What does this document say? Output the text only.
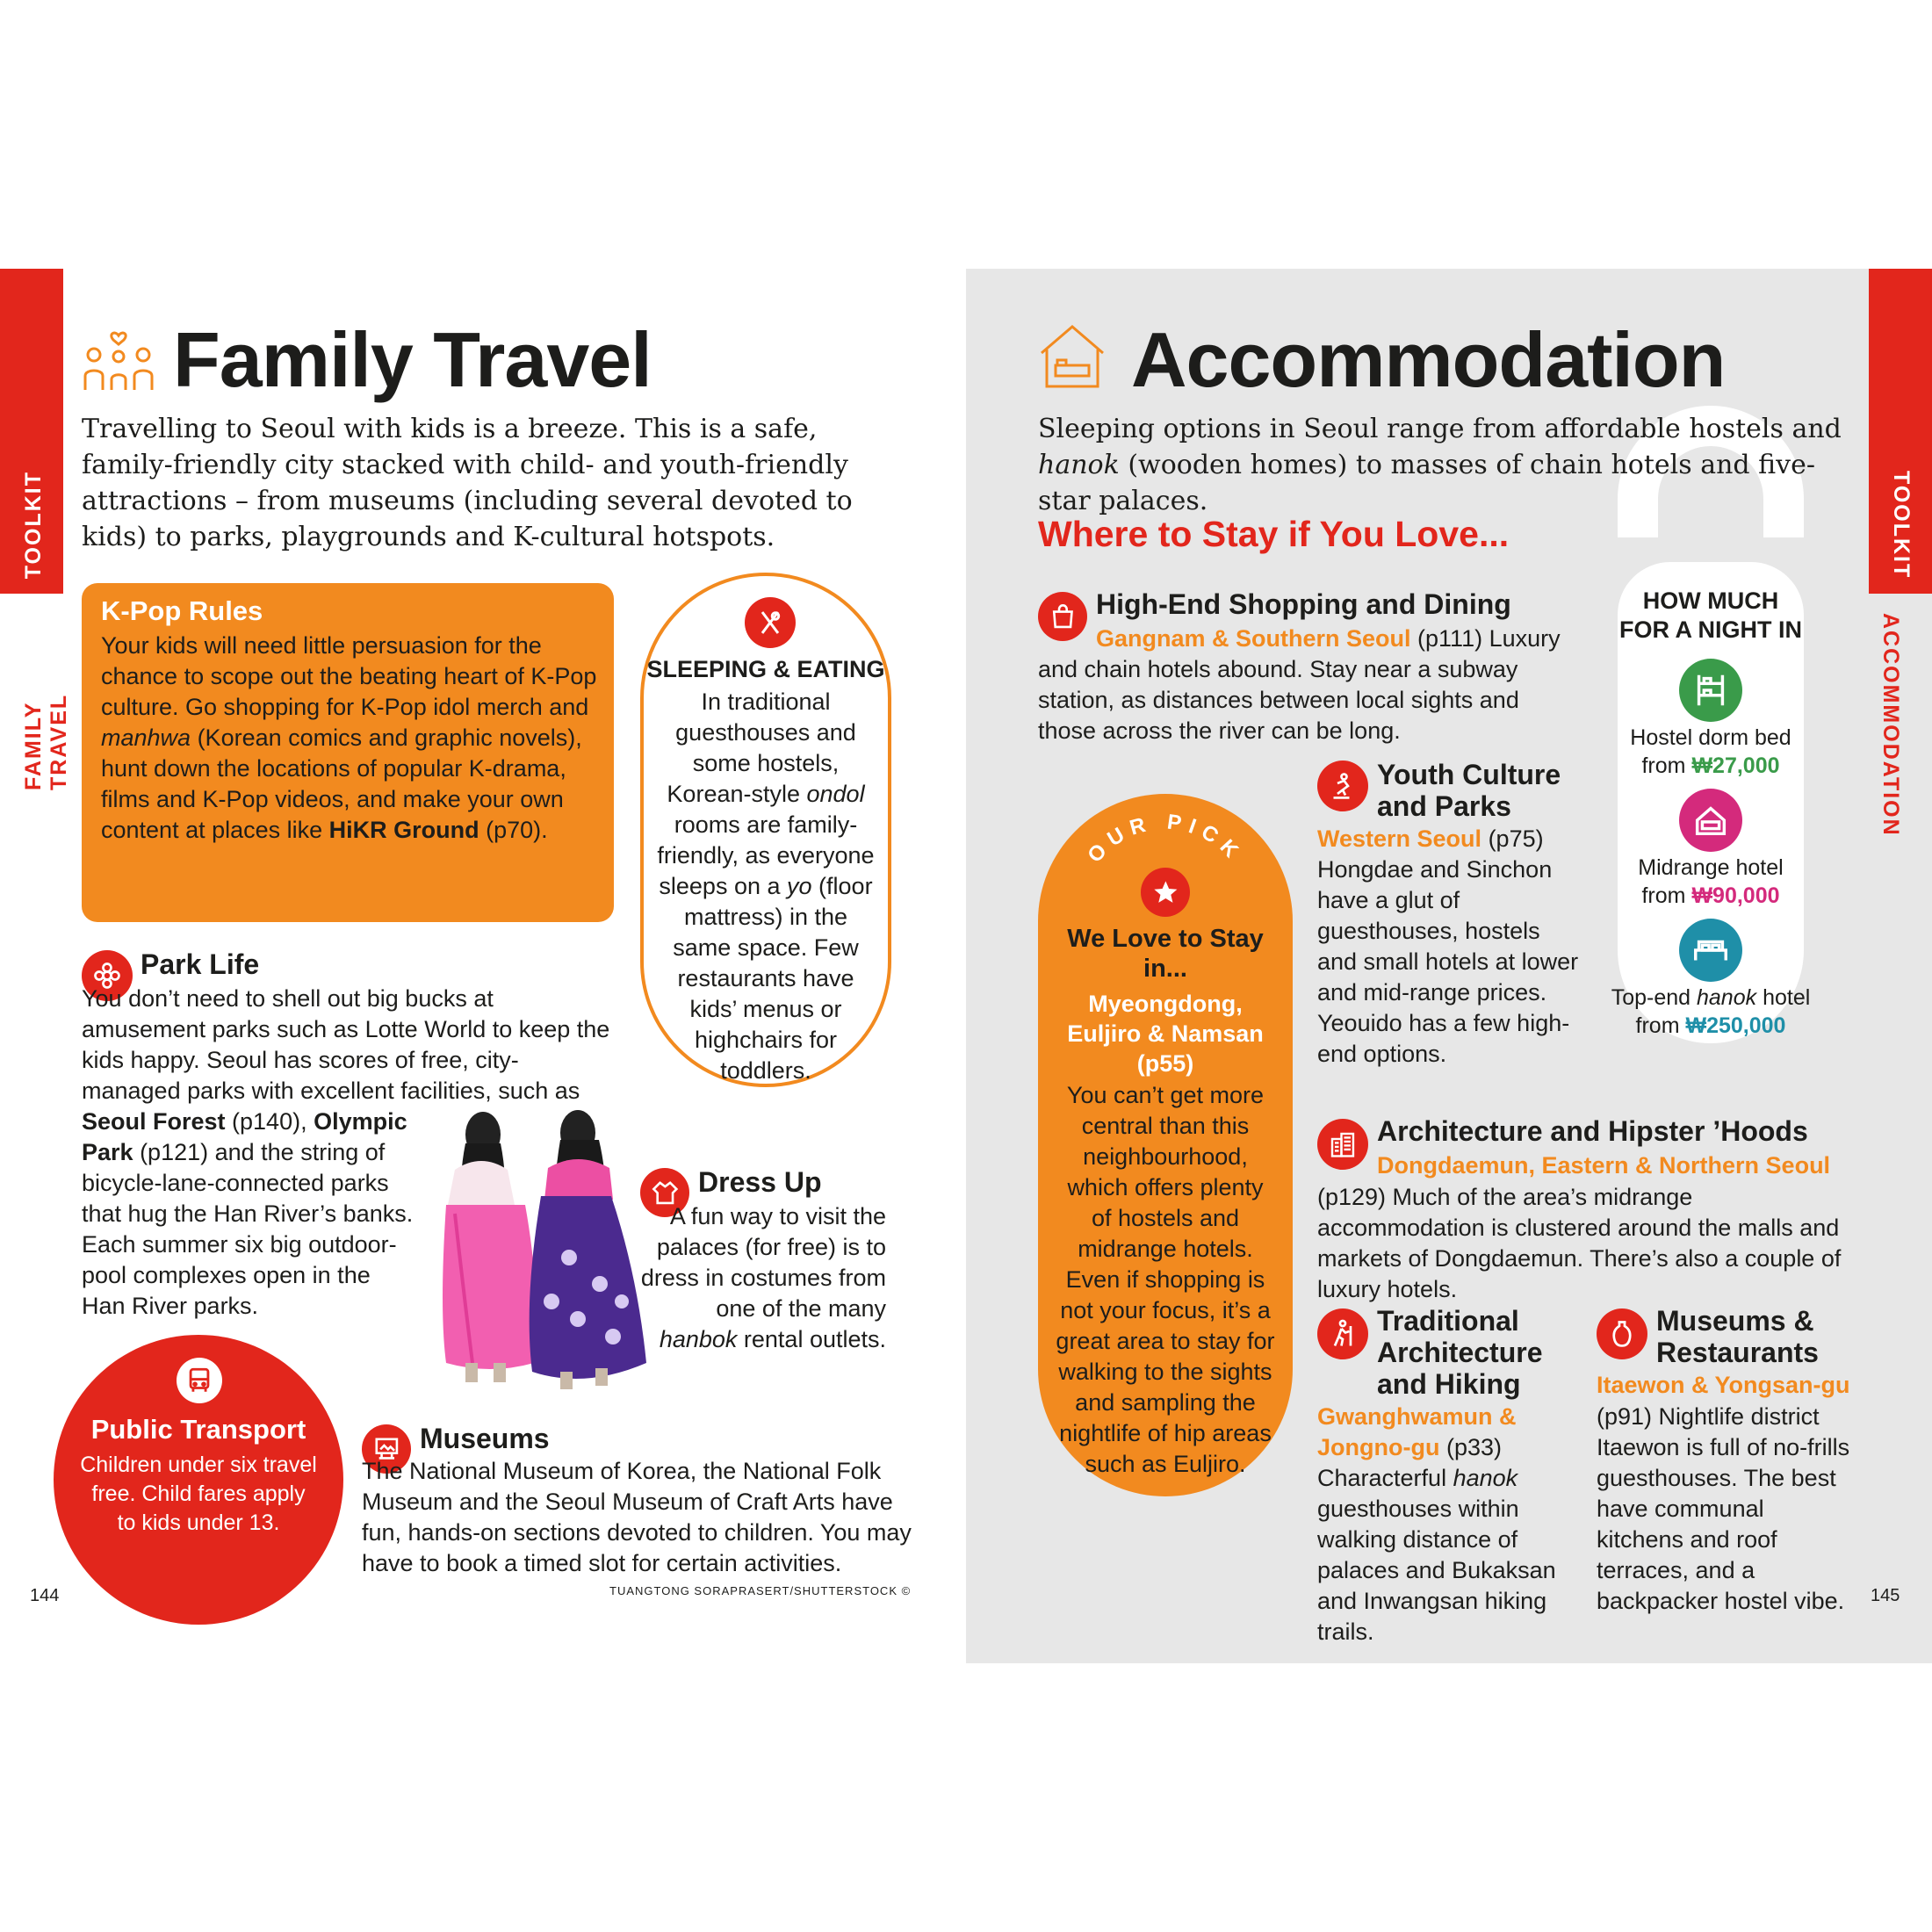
TOOLKIT
FAMILY TRAVEL
Family Travel
Travelling to Seoul with kids is a breeze. This is a safe, family-friendly city stacked with child- and youth-friendly attractions – from museums (including several devoted to kids) to parks, playgrounds and K-cultural hotspots.
K-Pop Rules
Your kids will need little persuasion for the chance to scope out the beating heart of K-Pop culture. Go shopping for K-Pop idol merch and manhwa (Korean comics and graphic novels), hunt down the locations of popular K-drama, films and K-Pop videos, and make your own content at places like HiKR Ground (p70).
SLEEPING & EATING
In traditional guesthouses and some hostels, Korean-style ondol rooms are family-friendly, as everyone sleeps on a yo (floor mattress) in the same space. Few restaurants have kids’ menus or highchairs for toddlers.
Park Life
You don’t need to shell out big bucks at amusement parks such as Lotte World to keep the kids happy. Seoul has scores of free, city-managed parks with excellent facilities, such as
Seoul Forest (p140), Olympic Park (p121) and the string of bicycle-lane-connected parks that hug the Han River’s banks. Each summer six big outdoor-pool complexes open in the Han River parks.
Dress Up
A fun way to visit the palaces (for free) is to dress in costumes from one of the many hanbok rental outlets.
Public Transport
Children under six travel free. Child fares apply to kids under 13.
Museums
The National Museum of Korea, the National Folk Museum and the Seoul Museum of Craft Arts have fun, hands-on sections devoted to children. You may have to book a timed slot for certain activities.
TUANGTONG SORAPRASERT/SHUTTERSTOCK ©
144
HOW MUCH FOR A NIGHT IN
Hostel dorm bed
from ₩27,000
Midrange hotel
from ₩90,000
Top-end hanok hotel
from ₩250,000
TOOLKIT
ACCOMMODATION
Accommodation
Sleeping options in Seoul range from affordable hostels and hanok (wooden homes) to masses of chain hotels and five-star palaces.
Where to Stay if You Love...
High-End Shopping and Dining
Gangnam & Southern Seoul (p111) Luxury and chain hotels abound. Stay near a subway station, as distances between local sights and those across the river can be long.
Youth Culture and Parks
Western Seoul (p75) Hongdae and Sinchon have a glut of guesthouses, hostels and small hotels at lower and mid-range prices. Yeouido has a few high-end options.
OUR PICK
We Love to Stay in...
Myeongdong, Euljiro & Namsan (p55)
You can’t get more central than this neighbourhood, which offers plenty of hostels and midrange hotels. Even if shopping is not your focus, it’s a great area to stay for walking to the sights and sampling the nightlife of hip areas such as Euljiro.
Architecture and Hipster ’Hoods
Dongdaemun, Eastern & Northern Seoul
(p129) Much of the area’s midrange accommodation is clustered around the malls and markets of Dongdaemun. There’s also a couple of luxury hotels.
Traditional Architecture and Hiking
Gwanghwamun & Jongno-gu (p33) Characterful hanok guesthouses within walking distance of palaces and Bukaksan and Inwangsan hiking trails.
Museums & Restaurants
Itaewon & Yongsan-gu
(p91) Nightlife district Itaewon is full of no-frills guesthouses. The best have communal kitchens and roof terraces, and a backpacker hostel vibe.	145
